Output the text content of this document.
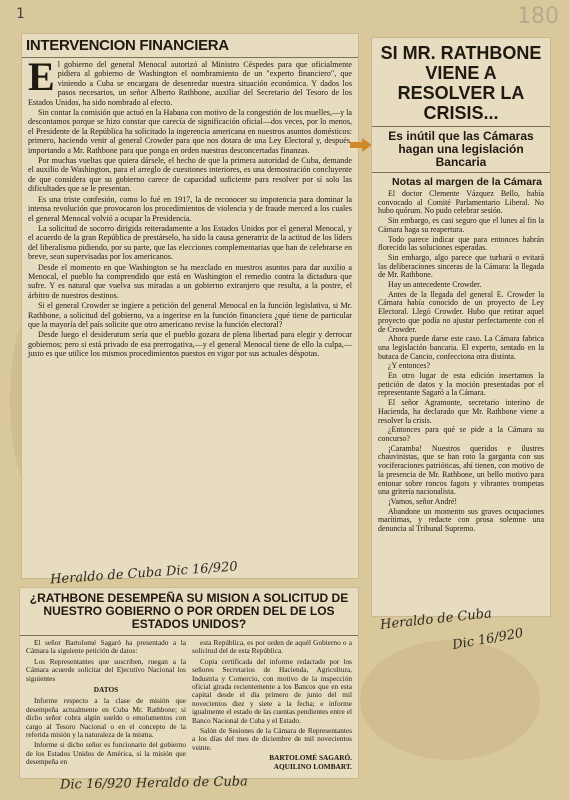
1	180
INTERVENCION FINANCIERA

El gobierno del general Menocal autorizó al Ministro Céspedes para que oficialmente pidiera al gobierno de Washington el nombramiento de un "experto financiero", que viniendo a Cuba se encargara de desenredar nuestra situación económica. Y dados los pasos necesarios, un señor Alberto Rathbone, auxiliar del Secretario del Tesoro de los Estados Unidos, ha sido nombrado al efecto.

Sin contar la comisión que actuó en la Habana con motivo de la congestión de los muelles,—y la descontamos porque se hizo constar que carecía de significación oficial—dos veces, por lo menos, el Presidente de la República ha solicitado la ingerencia americana en nuestros asuntos domésticos: primero, haciendo venir al general Crowder para que nos dotara de una Ley Electoral y, después, importando a Mr. Rathbone para que ponga en orden nuestras desconcertadas finanzas.

Por muchas vueltas que quiera dársele, el hecho de que la primera autoridad de Cuba, demande el auxilio de Washington, para el arreglo de cuestiones interiores, es una demostración concluyente de que considera que su gobierno carece de capacidad suficiente para resolver por sí solo las dificultades que se le presentan.

Es una triste confesión, como lo fué en 1917, la de reconocer su impotencia para dominar la intensa revolución que provocaron los procedimientos de violencia y de fraude merced a los cuales el general Menocal volvió a ocupar la Presidencia.

La solicitud de socorro dirigida reiteradamente a los Estados Unidos por el general Menocal, y el acuerdo de la gran República de prestárselo, ha sido la causa generatriz de la actitud de los líders del liberalismo pidiendo, por su parte, que las elecciones complementarias que han de celebrarse en breve, sean supervisadas por los americanos.

Desde el momento en que Washington se ha mezclado en nuestros asuntos para dar auxilio a Menocal, el pueblo ha comprendido que está en Washington el remedio contra la dictadura que sufre. Y es natural que vuelva sus miradas a un gobierno extranjero que resulta, a la postre, el árbitro de nuestros destinos.

Si el general Crowder se ingiere a petición del general Menocal en la función legislativa, si Mr. Rathbone, a solicitud del gobierno, va a ingerirse en la función financiera ¿qué tiene de particular que la mayoría del país solicite que otro americano revise la función electoral?

Desde luego el desideratum sería que el pueblo gozara de plena libertad para elegir y derrocar gobiernos; pero si está privado de esa prerrogativa,—y el general Menocal tiene de ello la culpa,—justo es que utilice los mismos procedimientos puestos en vigor por sus actuales déspotas.

Heraldo de Cuba Dic 16/920
¿RATHBONE DESEMPEÑA SU MISION A SOLICITUD DE NUESTRO GOBIERNO O POR ORDEN DEL DE LOS ESTADOS UNIDOS?

El señor Bartolomé Sagaró ha presentado a la Cámara la siguiente petición de datos:

Los Representantes que suscriben, ruegan a la Cámara acuerde solicitar del Ejecutivo Nacional los siguientes

DATOS

Informe respecto a la clase de misión que desempeña actualmente en Cuba Mr. Rathbone; si dicho señor cobra algún sueldo o emolumentos con cargo al Tesoro Nacional o en el concepto de la referida misión y la naturaleza de la misma.

Informe si dicho señor es funcionario del gobierno de los Estados Unidos de América, si la misión que desempeña en

esta República, es por orden de aquél Gobierno o a solicitud del de esta República.

Copia certificada del informe redactado por los señores Secretarios de Hacienda, Agricultura, Industria y Comercio, con motivo de la inspección oficial girada recientemente a los Bancos que en esta capital desde el día primero de junio del mil novecientos diez y siete a la fecha; e informe igualmente el estado de las cuentas pendientes entre el Banco Nacional de Cuba y el Estado.

Salón de Sesiones de la Cámara de Representantes a los días del mes de diciembre de mil novecientos veinte.

BARTOLOMÉ SAGARÓ.
AQUILINO LOMBART.

Dic 16/920 Heraldo de Cuba
SI MR. RATHBONE VIENE A RESOLVER LA CRISIS...
Es inútil que las Cámaras hagan una legislación Bancaria
Notas al margen de la Cámara

El doctor Clemente Vázquez Bello, había convocado al Comité Parlamentario Liberal. No hubo quórum. No pudo celebrar sesión.

Sin embargo, es casi seguro que el lunes al fin la Cámara haga su reapertura.

Todo parece indicar que para entonces habrán florecido las soluciones esperadas.

Sin embargo, algo parece que turbará o evitará las deliberaciones sinceras de la Cámara: la llegada de Mr. Rathbone.

Hay un antecedente Crowder.

Antes de la llegada del general E. Crowder la Cámara había conocido de un proyecto de Ley Electoral. Llegó Crowder. Hubo que retirar aquel proyecto que podía no ajustar perfectamente con el de Crowder.

Ahora puede darse este caso. La Cámara fabrica una legislación bancaria. El experto, sentado en la butaca de Cancio, confecciona otra distinta.

¿Y entonces?

En otro lugar de esta edición insertamos la petición de datos y la moción presentadas por el representante Sagaró a la Cámara.

El señor Agramonte, secretario interino de Hacienda, ha declarado que Mr. Rathbone viene a resolver la crisis.

¿Entonces para qué se pide a la Cámara su concurso?

¡Caramba! Nuestros queridos e ilustres chauvinistas, que se han roto la garganta con sus vociferaciones patrióticas, ahí tienen, con motivo de la presencia de Mr. Rathbone, un bello motivo para entonar sobre roncos fagots y vibrantes trompetas una gritería nacionalista.

¡Vamos, señor André!

Abandone un momento sus graves ocupaciones marítimas, y redacte con prosa solemne una denuncia al Tribunal Supremo.

Heraldo de Cuba
Dic 16/920
